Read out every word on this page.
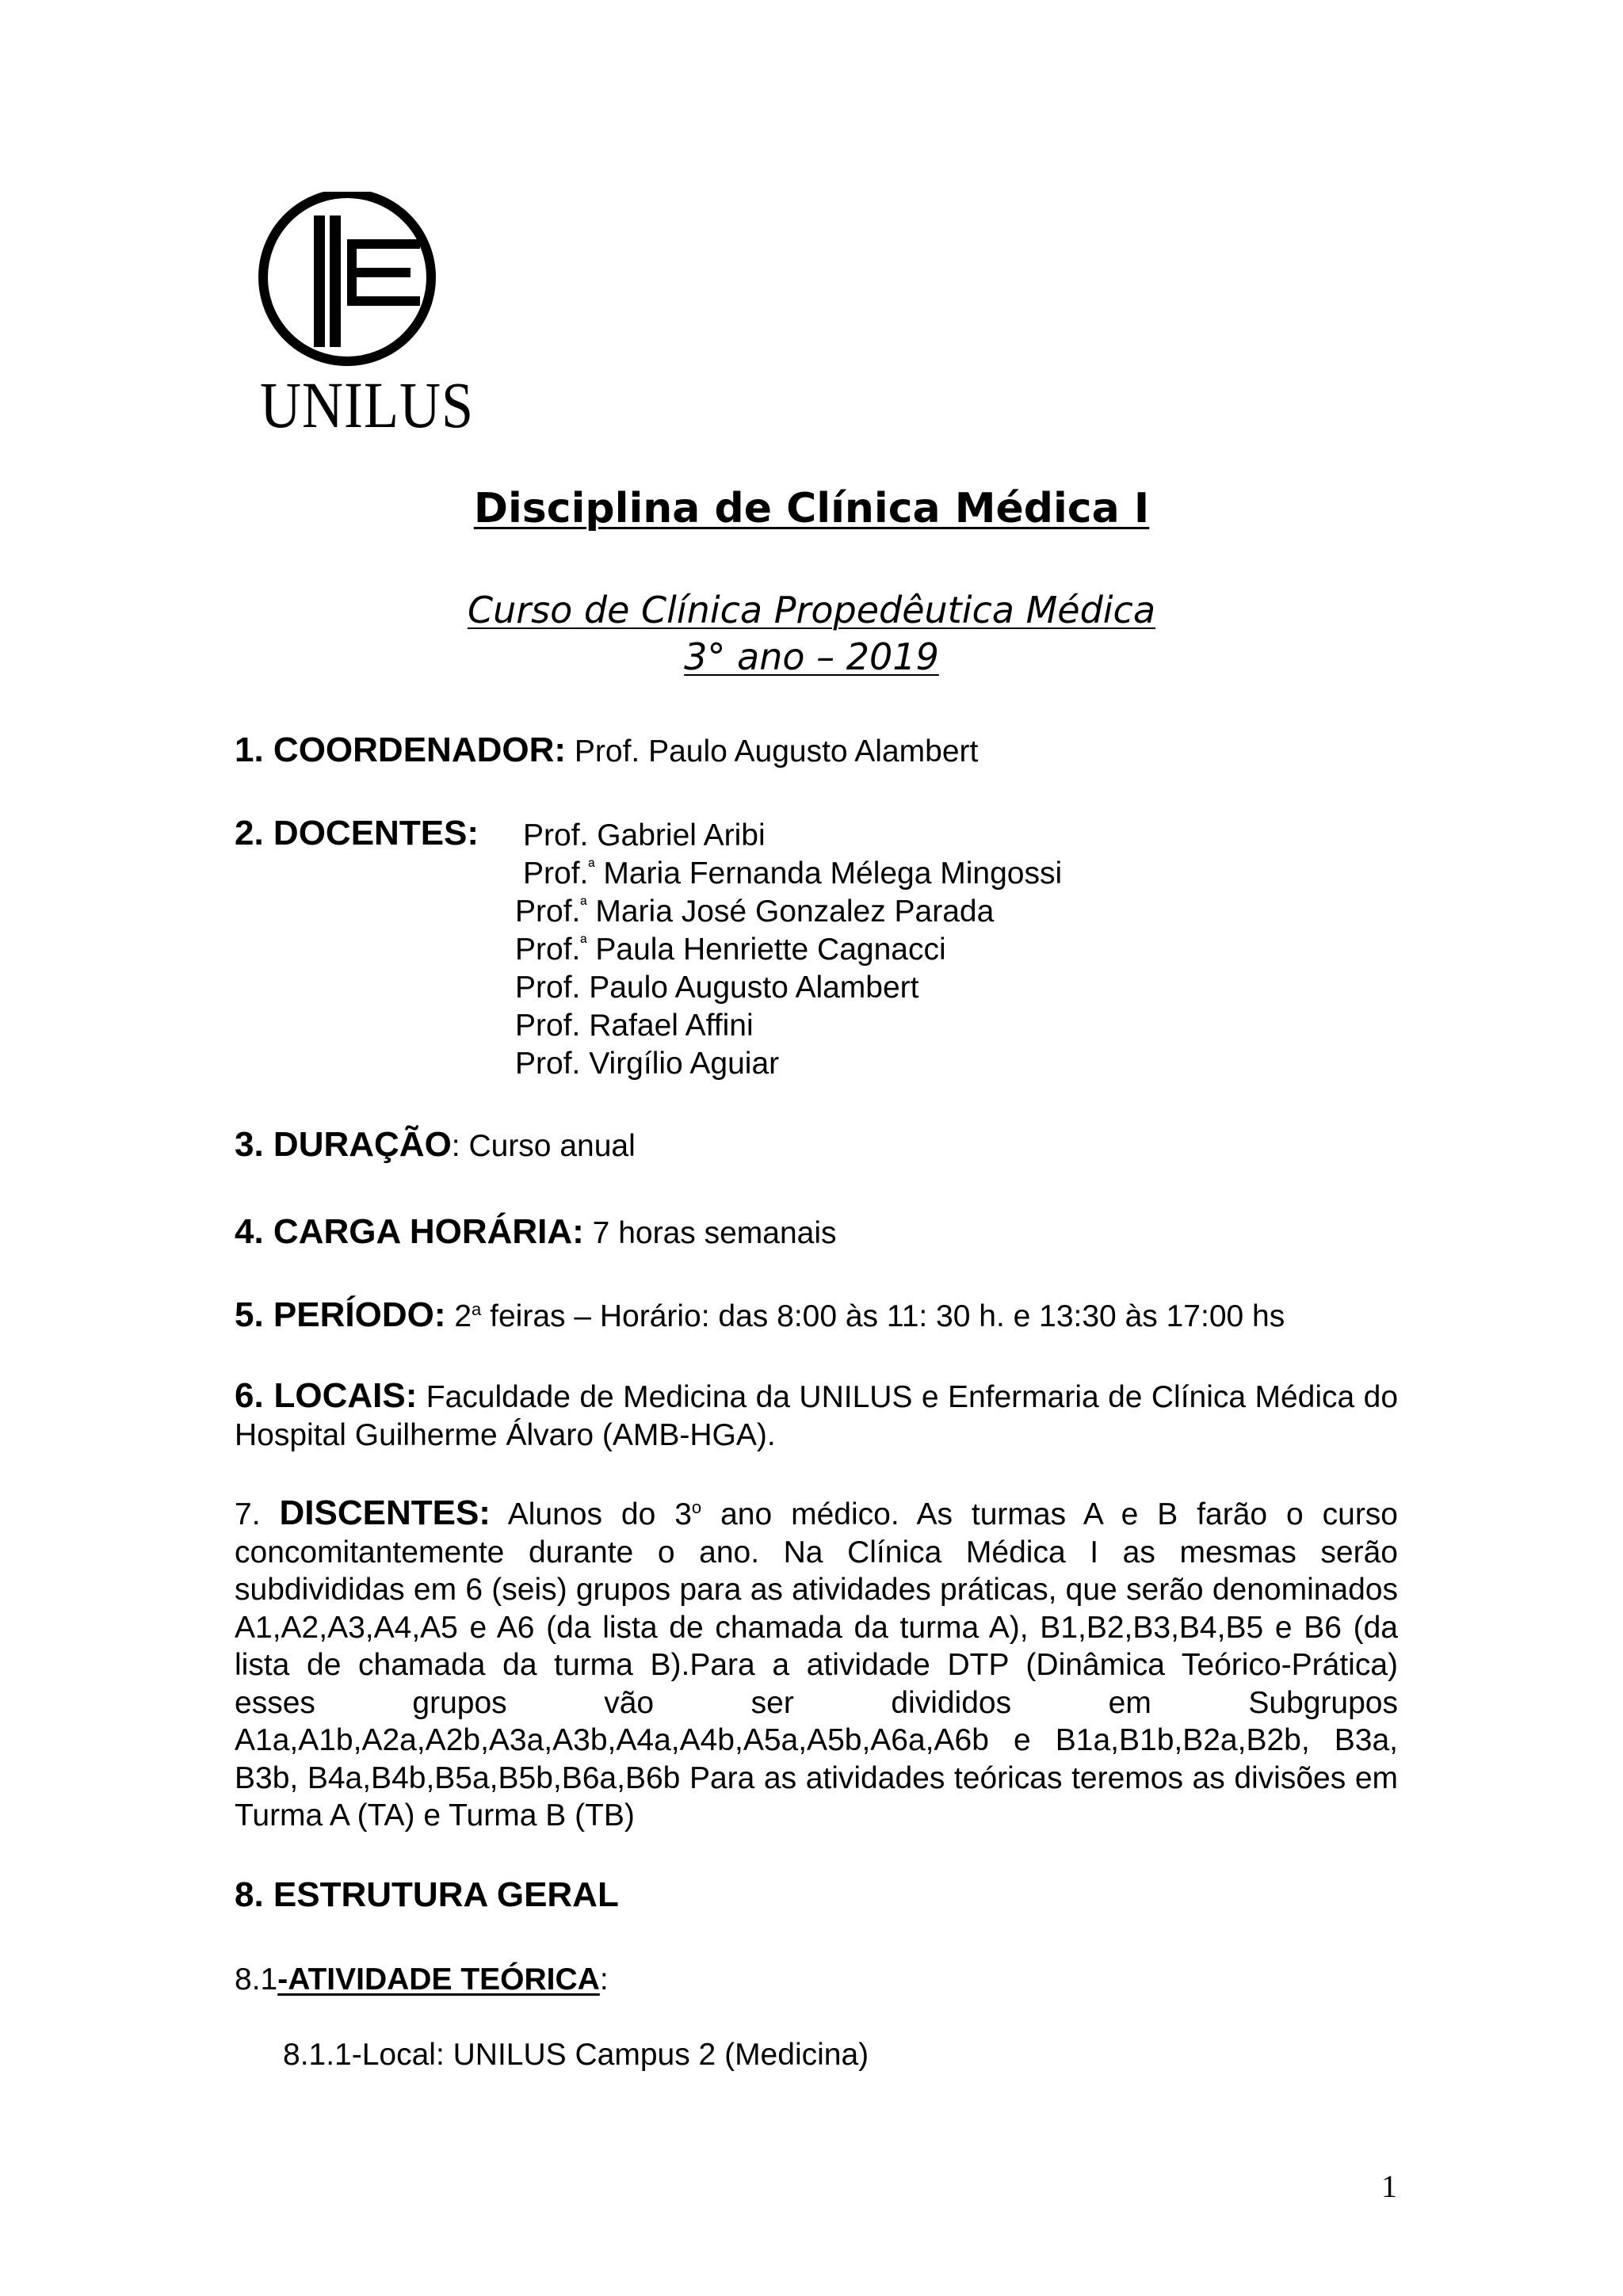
UNILUS
Disciplina de Clínica Médica I
Curso de Clínica Propedêutica Médica
3° ano – 2019
1. COORDENADOR: Prof. Paulo Augusto Alambert
2. DOCENTES: Prof. Gabriel Aribi
Prof.$^ª$ Maria Fernanda Mélega Mingossi
Prof.$^ª$ Maria José Gonzalez Parada
Prof.$^ª$ Paula Henriette Cagnacci
Prof. Paulo Augusto Alambert
Prof. Rafael Affini
Prof. Virgílio Aguiar
3. DURAÇÃO: Curso anual
4. CARGA HORÁRIA: 7 horas semanais
5. PERÍODO: 2$^a$ feiras – Horário: das 8:00 às 11: 30 h. e 13:30 às 17:00 hs
6. LOCAIS: Faculdade de Medicina da UNILUS e Enfermaria de Clínica Médica do Hospital Guilherme Álvaro (AMB-HGA).
7. DISCENTES: Alunos do 3$^o$ ano médico. As turmas A e B farão o curso concomitantemente durante o ano. Na Clínica Médica I as mesmas serão subdivididas em 6 (seis) grupos para as atividades práticas, que serão denominados A1,A2,A3,A4,A5 e A6 (da lista de chamada da turma A), B1,B2,B3,B4,B5 e B6 (da lista de chamada da turma B).Para a atividade DTP (Dinâmica Teórico-Prática) esses grupos vão ser divididos em Subgrupos A1a,A1b,A2a,A2b,A3a,A3b,A4a,A4b,A5a,A5b,A6a,A6b e B1a,B1b,B2a,B2b, B3a, B3b, B4a,B4b,B5a,B5b,B6a,B6b Para as atividades teóricas teremos as divisões em Turma A (TA) e Turma B (TB)
8. ESTRUTURA GERAL
8.1-ATIVIDADE TEÓRICA:
8.1.1-Local: UNILUS Campus 2 (Medicina)
1
